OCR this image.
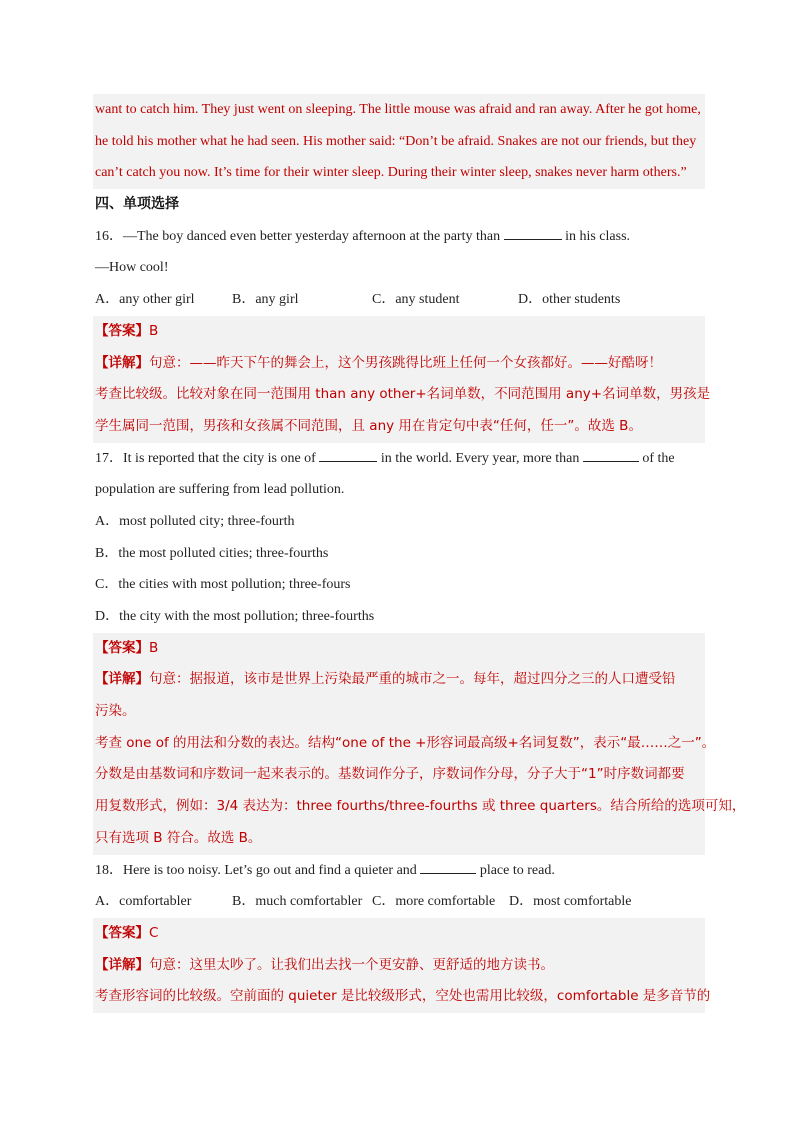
want to catch him. They just went on sleeping. The little mouse was afraid and ran away. After he got home,
he told his mother what he had seen. His mother said: “Don’t be afraid. Snakes are not our friends, but they
can’t catch you now. It’s time for their winter sleep. During their winter sleep, snakes never harm others.”
四、单项选择
16．—The boy danced even better yesterday afternoon at the party than	in his class.
—How cool!
A．any other girl	B．any girl	C．any student	D．other students
【答案】B
【详解】句意：——昨天下午的舞会上，这个男孩跳得比班上任何一个女孩都好。——好酷呀！
考查比较级。比较对象在同一范围用 than any other+名词单数，不同范围用 any+名词单数，男孩是
学生属同一范围，男孩和女孩属不同范围，且 any 用在肯定句中表“任何，任一”。故选 B。
17．It is reported that the city is one of	in the world. Every year, more than	of the
population are suffering from lead pollution.
A．most polluted city; three-fourth
B．the most polluted cities; three-fourths
C．the cities with most pollution; three-fours
D．the city with the most pollution; three-fourths
【答案】B
【详解】句意：据报道，该市是世界上污染最严重的城市之一。每年，超过四分之三的人口遭受铅
污染。
考查 one of 的用法和分数的表达。结构“one of the +形容词最高级+名词复数”，表示“最……之一”。
分数是由基数词和序数词一起来表示的。基数词作分子，序数词作分母，分子大于“1”时序数词都要
用复数形式，例如：3/4 表达为：three fourths/three-fourths 或 three quarters。结合所给的选项可知，
只有选项 B 符合。故选 B。
18．Here is too noisy. Let’s go out and find a quieter and	place to read.
A．comfortabler	B．much comfortabler C．more comfortable D．most comfortable
【答案】C
【详解】句意：这里太吵了。让我们出去找一个更安静、更舒适的地方读书。
考查形容词的比较级。空前面的 quieter 是比较级形式，空处也需用比较级，comfortable 是多音节的
